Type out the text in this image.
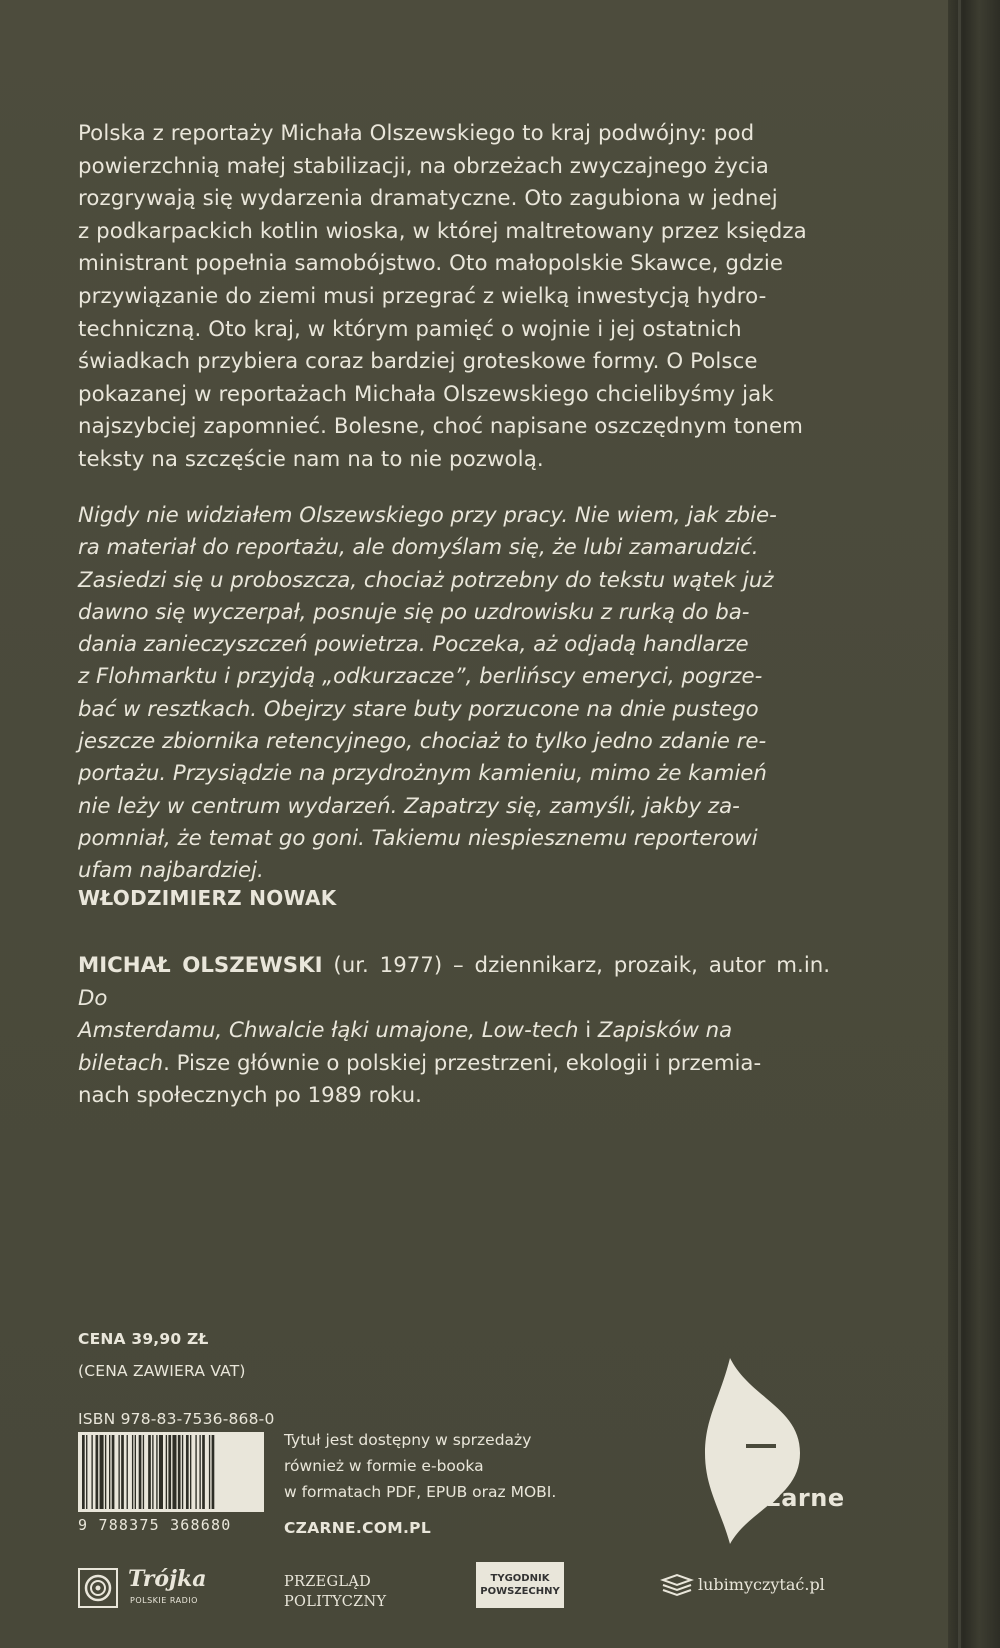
Polska z reportaży Michała Olszewskiego to kraj podwójny: pod

powierzchnią małej stabilizacji, na obrzeżach zwyczajnego życia

rozgrywają się wydarzenia dramatyczne. Oto zagubiona w jednej

z podkarpackich kotlin wioska, w której maltretowany przez księdza

ministrant popełnia samobójstwo. Oto małopolskie Skawce, gdzie

przywiązanie do ziemi musi przegrać z wielką inwestycją hydro-

techniczną. Oto kraj, w którym pamięć o wojnie i jej ostatnich

świadkach przybiera coraz bardziej groteskowe formy. O Polsce

pokazanej w reportażach Michała Olszewskiego chcielibyśmy jak

najszybciej zapomnieć. Bolesne, choć napisane oszczędnym tonem

teksty na szczęście nam na to nie pozwolą.

Nigdy nie widziałem Olszewskiego przy pracy. Nie wiem, jak zbie-

ra materiał do reportażu, ale domyślam się, że lubi zamarudzić.

Zasiedzi się u proboszcza, chociaż potrzebny do tekstu wątek już

dawno się wyczerpał, posnuje się po uzdrowisku z rurką do ba-

dania zanieczyszczeń powietrza. Poczeka, aż odjadą handlarze

z Flohmarktu i przyjdą „odkurzacze”, berlińscy emeryci, pogrze-

bać w resztkach. Obejrzy stare buty porzucone na dnie pustego

jeszcze zbiornika retencyjnego, chociaż to tylko jedno zdanie re-

portażu. Przysiądzie na przydrożnym kamieniu, mimo że kamień

nie leży w centrum wydarzeń. Zapatrzy się, zamyśli, jakby za-

pomniał, że temat go goni. Takiemu niespiesznemu reporterowi

ufam najbardziej.

WŁODZIMIERZ NOWAK

MICHAŁ OLSZEWSKI (ur. 1977) – dziennikarz, prozaik, autor m.in. Do

Amsterdamu, Chwalcie łąki umajone, Low-tech i Zapisków na

biletach. Pisze głównie o polskiej przestrzeni, ekologii i przemia-

nach społecznych po 1989 roku.

CENA 39,90 ZŁ
(CENA ZAWIERA VAT)
ISBN 978-83-7536-868-0
9 788375 368680

Tytuł jest dostępny w sprzedaży

również w formie e-booka

w formatach PDF, EPUB oraz MOBI.

CZARNE.COM.PL
czarne
Trójka
POLSKIE RADIO
PRZEGLĄD
POLITYCZNY
TYGODNIK
POWSZECHNY	lubimyczytać.pl
